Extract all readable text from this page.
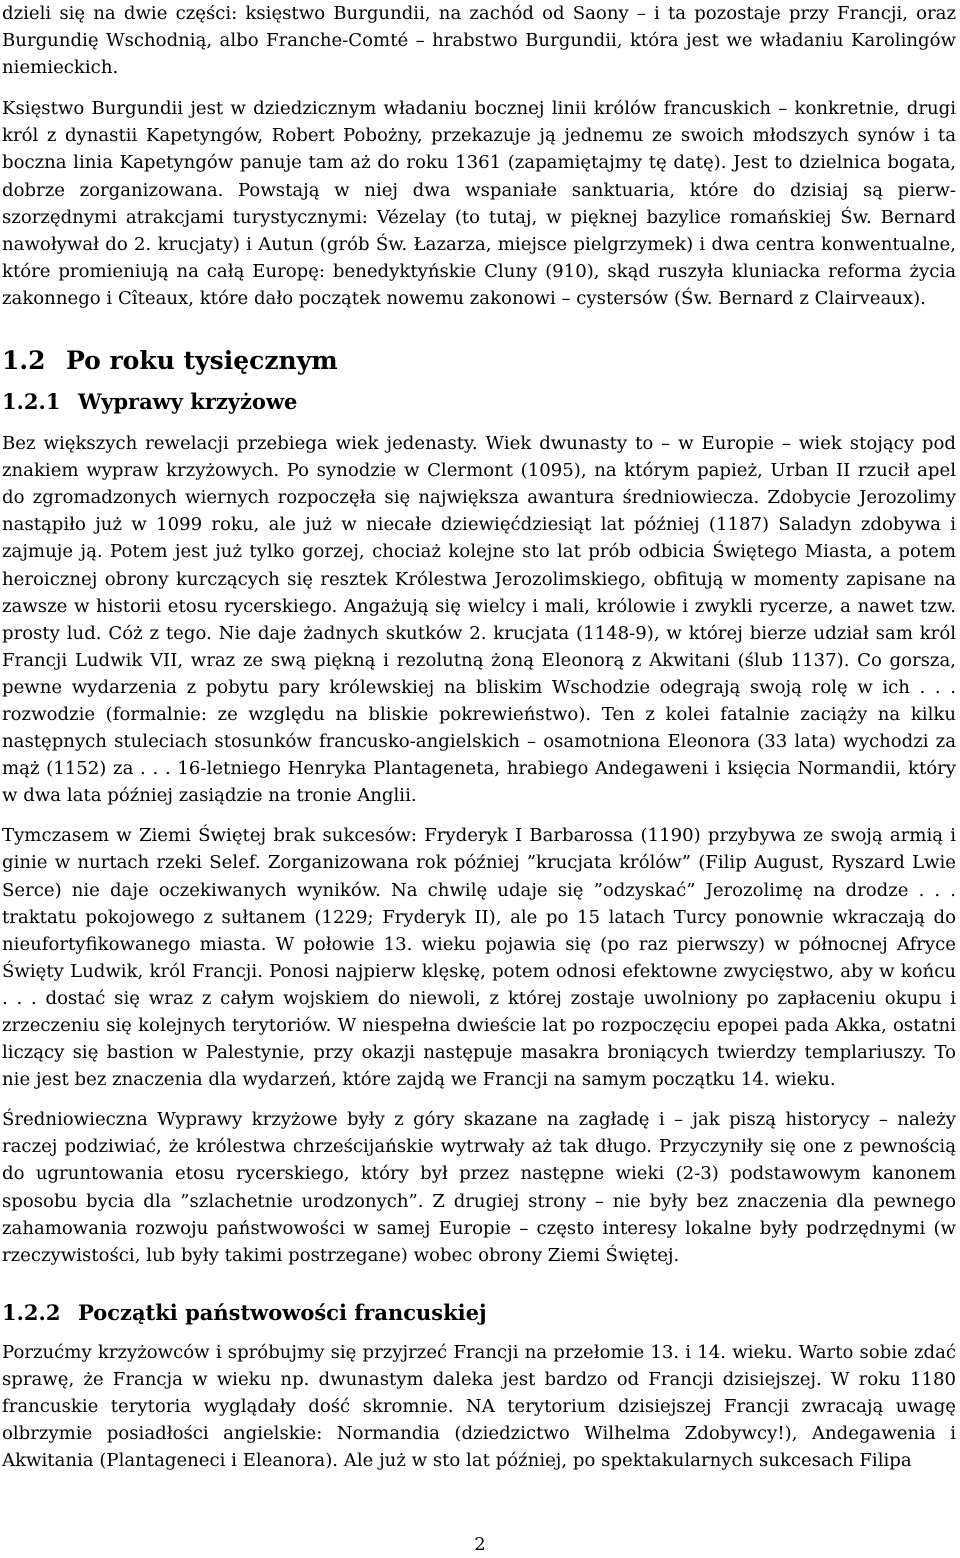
dzieli się na dwie części: księstwo Burgundii, na zachód od Saony – i ta pozostaje przy Francji, oraz Burgundię Wschodnią, albo Franche-Comté – hrabstwo Burgundii, która jest we władaniu Karolingów niemieckich.

Księstwo Burgundii jest w dziedzicznym władaniu bocznej linii królów francuskich – konkretnie, drugi król z dynastii Kapetyngów, Robert Pobożny, przekazuje ją jednemu ze swoich młodszych synów i ta boczna linia Kapetyngów panuje tam aż do roku 1361 (zapamiętajmy tę datę). Jest to dzielnica bogata, dobrze zorganizowana. Powstają w niej dwa wspaniałe sanktuaria, które do dzisiaj są pierwszorzędnymi atrakcjami turystycznymi: Vézelay (to tutaj, w pięknej bazylice romańskiej Św. Bernard nawoływał do 2. krucjaty) i Autun (grób Św. Łazarza, miejsce pielgrzymek) i dwa centra konwentualne, które promieniują na całą Europę: benedyktyńskie Cluny (910), skąd ruszyła kluniacka reforma życia zakonnego i Cîteaux, które dało początek nowemu zakonowi – cystersów (Św. Bernard z Clairveaux).

1.2 Po roku tysięcznym
1.2.1 Wyprawy krzyżowe

Bez większych rewelacji przebiega wiek jedenasty. Wiek dwunasty to – w Europie – wiek stojący pod znakiem wypraw krzyżowych. Po synodzie w Clermont (1095), na którym papież, Urban II rzucił apel do zgromadzonych wiernych rozpoczęła się największa awantura średniowiecza. Zdobycie Jerozolimy nastąpiło już w 1099 roku, ale już w niecałe dziewięćdziesiąt lat później (1187) Saladyn zdobywa i zajmuje ją. Potem jest już tylko gorzej, chociaż kolejne sto lat prób odbicia Świętego Miasta, a potem heroicznej obrony kurczących się resztek Królestwa Jerozolimskiego, obfitują w momenty zapisane na zawsze w historii etosu rycerskiego. Angażują się wielcy i mali, królowie i zwykli rycerze, a nawet tzw. prosty lud. Cóż z tego. Nie daje żadnych skutków 2. krucjata (1148-9), w której bierze udział sam król Francji Ludwik VII, wraz ze swą piękną i rezolutną żoną Eleonorą z Akwitani (ślub 1137). Co gorsza, pewne wydarzenia z pobytu pary królewskiej na bliskim Wschodzie odegrają swoją rolę w ich . . . rozwodzie (formalnie: ze względu na bliskie pokrewieństwo). Ten z kolei fatalnie zaciąży na kilku następnych stuleciach stosunków francusko-angielskich – osamotniona Eleonora (33 lata) wychodzi za mąż (1152) za . . . 16-letniego Henryka Plantageneta, hrabiego Andegaweni i księcia Normandii, który w dwa lata później zasiądzie na tronie Anglii.

Tymczasem w Ziemi Świętej brak sukcesów: Fryderyk I Barbarossa (1190) przybywa ze swoją armią i ginie w nurtach rzeki Selef. Zorganizowana rok później ”krucjata królów” (Filip August, Ryszard Lwie Serce) nie daje oczekiwanych wyników. Na chwilę udaje się ”odzyskać” Jerozolimę na drodze . . . traktatu pokojowego z sułtanem (1229; Fryderyk II), ale po 15 latach Turcy ponownie wkraczają do nieufortyfikowanego miasta. W połowie 13. wieku pojawia się (po raz pierwszy) w północnej Afryce Święty Ludwik, król Francji. Ponosi najpierw klęskę, potem odnosi efektowne zwycięstwo, aby w końcu . . . dostać się wraz z całym wojskiem do niewoli, z której zostaje uwolniony po zapłaceniu okupu i zrzeczeniu się kolejnych terytoriów. W niespełna dwieście lat po rozpoczęciu epopei pada Akka, ostatni liczący się bastion w Palestynie, przy okazji następuje masakra broniących twierdzy templariuszy. To nie jest bez znaczenia dla wydarzeń, które zajdą we Francji na samym początku 14. wieku.

Średniowieczna Wyprawy krzyżowe były z góry skazane na zagładę i – jak piszą historycy – należy raczej podziwiać, że królestwa chrześcijańskie wytrwały aż tak długo. Przyczyniły się one z pewnością do ugruntowania etosu rycerskiego, który był przez następne wieki (2-3) podstawowym kanonem sposobu bycia dla ”szlachetnie urodzonych”. Z drugiej strony – nie były bez znaczenia dla pewnego zahamowania rozwoju państwowości w samej Europie – często interesy lokalne były podrzędnymi (w rzeczywistości, lub były takimi postrzegane) wobec obrony Ziemi Świętej.

1.2.2 Początki państwowości francuskiej

Porzućmy krzyżowców i spróbujmy się przyjrzeć Francji na przełomie 13. i 14. wieku. Warto sobie zdać sprawę, że Francja w wieku np. dwunastym daleka jest bardzo od Francji dzisiejszej. W roku 1180 francuskie terytoria wyglądały dość skromnie. NA terytorium dzisiejszej Francji zwracają uwagę olbrzymie posiadłości angielskie: Normandia (dziedzictwo Wilhelma Zdobywcy!), Andegawenia i Akwitania (Plantageneci i Eleanora). Ale już w sto lat później, po spektakularnych sukcesach Filipa

2
